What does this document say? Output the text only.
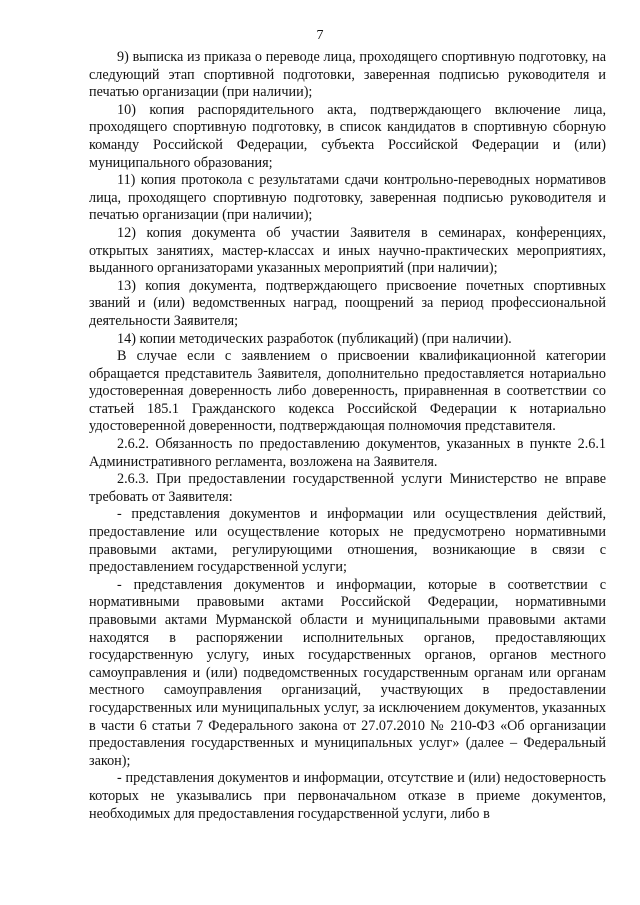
7

9) выписка из приказа о переводе лица, проходящего спортивную подготовку, на следующий этап спортивной подготовки, заверенная подписью руководителя и печатью организации (при наличии);

10) копия распорядительного акта, подтверждающего включение лица, проходящего спортивную подготовку, в список кандидатов в спортивную сборную команду Российской Федерации, субъекта Российской Федерации и (или) муниципального образования;

11) копия протокола с результатами сдачи контрольно-переводных нормативов лица, проходящего спортивную подготовку, заверенная подписью руководителя и печатью организации (при наличии);

12) копия документа об участии Заявителя в семинарах, конференциях, открытых занятиях, мастер-классах и иных научно-практических мероприятиях, выданного организаторами указанных мероприятий (при наличии);

13) копия документа, подтверждающего присвоение почетных спортивных званий и (или) ведомственных наград, поощрений за период профессиональной деятельности Заявителя;

14) копии методических разработок (публикаций) (при наличии).

В случае если с заявлением о присвоении квалификационной категории обращается представитель Заявителя, дополнительно предоставляется нотариально удостоверенная доверенность либо доверенность, приравненная в соответствии со статьей 185.1 Гражданского кодекса Российской Федерации к нотариально удостоверенной доверенности, подтверждающая полномочия представителя.

2.6.2. Обязанность по предоставлению документов, указанных в пункте 2.6.1 Административного регламента, возложена на Заявителя.

2.6.3. При предоставлении государственной услуги Министерство не вправе требовать от Заявителя:

- представления документов и информации или осуществления действий, предоставление или осуществление которых не предусмотрено нормативными правовыми актами, регулирующими отношения, возникающие в связи с предоставлением государственной услуги;

- представления документов и информации, которые в соответствии с нормативными правовыми актами Российской Федерации, нормативными правовыми актами Мурманской области и муниципальными правовыми актами находятся в распоряжении исполнительных органов, предоставляющих государственную услугу, иных государственных органов, органов местного самоуправления и (или) подведомственных государственным органам или органам местного самоуправления организаций, участвующих в предоставлении государственных или муниципальных услуг, за исключением документов, указанных в части 6 статьи 7 Федерального закона от 27.07.2010 № 210-ФЗ «Об организации предоставления государственных и муниципальных услуг» (далее – Федеральный закон);

- представления документов и информации, отсутствие и (или) недостоверность которых не указывались при первоначальном отказе в приеме документов, необходимых для предоставления государственной услуги, либо в
